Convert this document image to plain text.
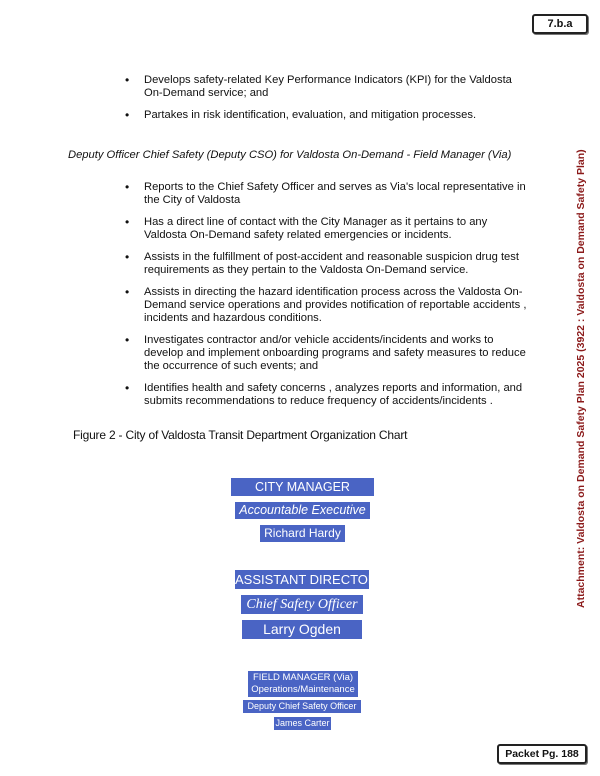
7.b.a
• Develops safety-related Key Performance Indicators (KPI) for the Valdosta On-Demand service; and
• Partakes in risk identification, evaluation, and mitigation processes.
Deputy Officer Chief Safety (Deputy CSO) for Valdosta On-Demand - Field Manager (Via)
• Reports to the Chief Safety Officer and serves as Via's local representative in the City of Valdosta
• Has a direct line of contact with the City Manager as it pertains to any Valdosta On-Demand safety related emergencies or incidents.
• Assists in the fulfillment of post-accident and reasonable suspicion drug test requirements as they pertain to the Valdosta On-Demand service.
• Assists in directing the hazard identification process across the Valdosta On-Demand service operations and provides notification of reportable accidents , incidents and hazardous conditions.
• Investigates contractor and/or vehicle accidents/incidents and works to develop and implement onboarding programs and safety measures to reduce the occurrence of such events; and
• Identifies health and safety concerns , analyzes reports and information, and submits recommendations to reduce frequency of accidents/incidents .
Figure 2 - City of Valdosta Transit Department Organization Chart
CITY MANAGER
Accountable Executive
Richard Hardy
ASSISTANT DIRECTOR
Chief Safety Officer
Larry Ogden
FIELD MANAGER (Via)
Operations/Maintenance
Deputy Chief Safety Officer
James Carter
Attachment: Valdosta on Demand Safety Plan 2025 (3922 : Valdosta on Demand Safety Plan)
Packet Pg. 188
